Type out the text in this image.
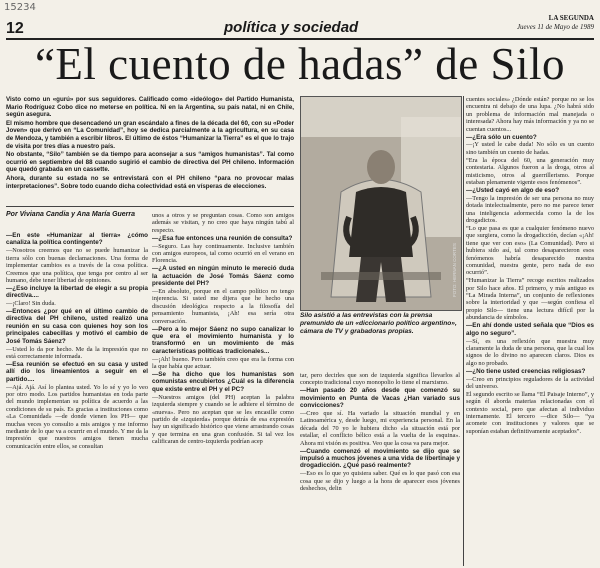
15234
12	política y sociedad
LA SEGUNDA
Jueves 11 de Mayo de 1989
“El cuento de hadas” de Silo

Visto como un «gurú» por sus seguidores. Calificado como «ideólogo» del Partido Humanista, Mario Rodríguez Cobo dice no meterse en política. Ni en la Argentina, su país natal, ni en Chile, según asegura.

El mismo hombre que desencadenó un gran escándalo a fines de la década del 60, con su «Poder Joven» que derivó en “La Comunidad”, hoy se dedica parcialmente a la agricultura, en su casa de Mendoza, y también a escribir libros. El último de éstos “Humanizar la Tierra” es el que lo trajo de visita por tres días a nuestro país.

No obstante, “Silo” también se da tiempo para aconsejar a sus “amigos humanistas”. Tal como ocurrió en septiembre del 88 cuando sugirió el cambio de directiva del PH chileno. Información que quedó grabada en un cassette.

Ahora, durante su estada no se entrevistará con el PH chileno “para no provocar malas interpretaciones”. Sobre todo cuando dicha colectividad está en vísperas de elecciones.

Por Viviana Candia y Ana María Guerra

—En este «Humanizar al tierra» ¿cómo canaliza la política contingente?

—Nosotros creemos que no se puede humanizar la tierra sólo con buenas declamaciones. Una forma de implementar cambios es a través de la cosa política. Creemos que una política, que tenga por centro al ser humano, debe tener libertad de opiniones.

—¿Eso incluye la libertad de elegir a su propia directiva....

—¡Claro! Sin duda.

—Entonces ¿por qué en el último cambio de directiva del PH chileno, usted realizó una reunión en su casa con quienes hoy son los principales cabecillas y motivó el cambio de José Tomás Sáenz?

—Usted lo da por hecho. Me da la impresión que no está correctamente informada.

—Esa reunión se efectuó en su casa y usted allí dio los lineamientos a seguir en el partido....

—Ajá. Ajá. Así lo plantea usted. Yo lo sé y yo lo veo por otro modo. Los partidos humanistas en toda parte del mundo implementan su política de acuerdo a las condiciones de su país. Es gracias a instituciones como «La Comunidad» —de donde vienen los PH— que muchas veces yo consulto a mis amigos y me informo mediante de lo que va a ocurrir en el mundo. Y me da la impresión que nuestros amigos tienen mucha comunicación entre ellos, se consultan

unos a otros y se preguntan cosas. Como son amigos además se visitan, y no creo que haya ningún tabú al respecto.

—¿Esa fue entonces una reunión de consulta?

—Seguro. Las hay continuamente. Inclusive también con amigos europeos, tal como ocurrió en el verano en Florencia.

—¿A usted en ningún minuto le mereció duda la actuación de José Tomás Sáenz como presidente del PH?

—En absoluto, porque en el campo político no tengo injerencia. Si usted me dijera que he hecho una discusión ideológica respecto a la filosofía del pensamiento humanista, ¡Ah! esa sería otra conversación.

—Pero a lo mejor Sáenz no supo canalizar lo que era el movimiento humanista y lo transformó en un movimiento de más características políticas tradicionales...

—¡Ah! bueno. Pero también creo que era la forma con la que había que actuar.

—Se ha dicho que los humanistas son comunistas encubiertos ¿Cuál es la diferencia que existe entre el PH y el PC?

—Nuestros amigos (del PH) aceptan la palabra izquierda siempre y cuando se le adhiere el término de «nueva». Pero no aceptan que se les encasille como partido de «izquierda» porque detrás de esa expresión hay un significado histórico que viene arrastrando cosas y que termina en una gran confusión. Si tal vez los calificaran de centro-izquierda podrían acep

FOTO: HERNAN CORTES
Silo asistió a las entrevistas con la prensa premunido de un «diccionario político argentino», cámara de TV y grabadoras propias.

tar, pero decirles que son de izquierda significa llevarlos al concepto tradicional cuyo monopolio lo tiene el marxismo.

—Han pasado 20 años desde que comenzó su movimiento en Punta de Vacas ¿Han variado sus convicciones?

—Creo que sí. Ha variado la situación mundial y en Latinoamérica y, desde luego, mi experiencia personal. En la década del 70 yo le hubiera dicho «la situación está por estallar, el conflicto bélico está a la vuelta de la esquina». Ahora mi visión es positiva. Veo que la cosa va para mejor.

—Cuando comenzó el movimiento se dijo que se impulsó a muchos jóvenes a una vida de libertinaje y drogadicción. ¿Qué pasó realmente?

—Eso es lo que yo quisiera saber. Qué es lo que pasó con esa cosa que se dijo y luego a la hora de aparecer esos jóvenes deshechos, delin

cuentes sociales» ¿Dónde están? porque no se los encuentra ni debajo de una lupa. ¿No habrá sido un problema de información mal manejada o interesada? Ahora hay más información y ya no se cuentan cuentos...

—¿Era sólo un cuento?

—¡Y usted le cabe duda! No sólo es un cuento sino también un cuento de hadas.

“Era la época del 60, una generación muy contestaria. Algunos fueron a la droga, otros al misticismo, otros al guerrillerismo. Porque estaban plenamente vigente esos fenómenos”.

—¿Usted cayó en algo de eso?

—Tengo la impresión de ser una persona no muy dotada intelectualmente, pero no me parece tener una inteligencia adormecida como la de los drogadictos.

“Lo que pasa es que a cualquier fenómeno nuevo que surgiera, como la drogadicción, decían «¡Ah! tiene que ver con eso» (La Comunidad). Pero si hubiera sido así, tal como desaparecieron esos fenómenos habría desaparecido nuestra comunidad, nuestra gente, pero nada de eso ocurrió”.

“Humanizar la Tierra” recoge escritos realizados por Silo hace años. El primero, y más antiguo es “La Mirada Interna”, un conjunto de reflexiones sobre la interioridad y que —según confiesa el propio Silo— tiene una lectura difícil por la abundancia de símbolos.

—En ahí donde usted señala que “Dios es algo no seguro”.

—Sí, es una reflexión que muestra muy claramente la duda de una persona, que la cual los signos de lo divino no aparecen claros. Dios es algo no probado.

—¿No tiene usted creencias religiosas?

—Creo en principios reguladores de la actividad del universo.

El segundo escrito se llama “El Paisaje Interno”, y según él aborda materias relacionadas con el contexto social, pero que afectan al individuo internamente. El tercero —dice Silo— “ya acomete con instituciones y valores que se suponían estaban definitivamente aceptados”.
